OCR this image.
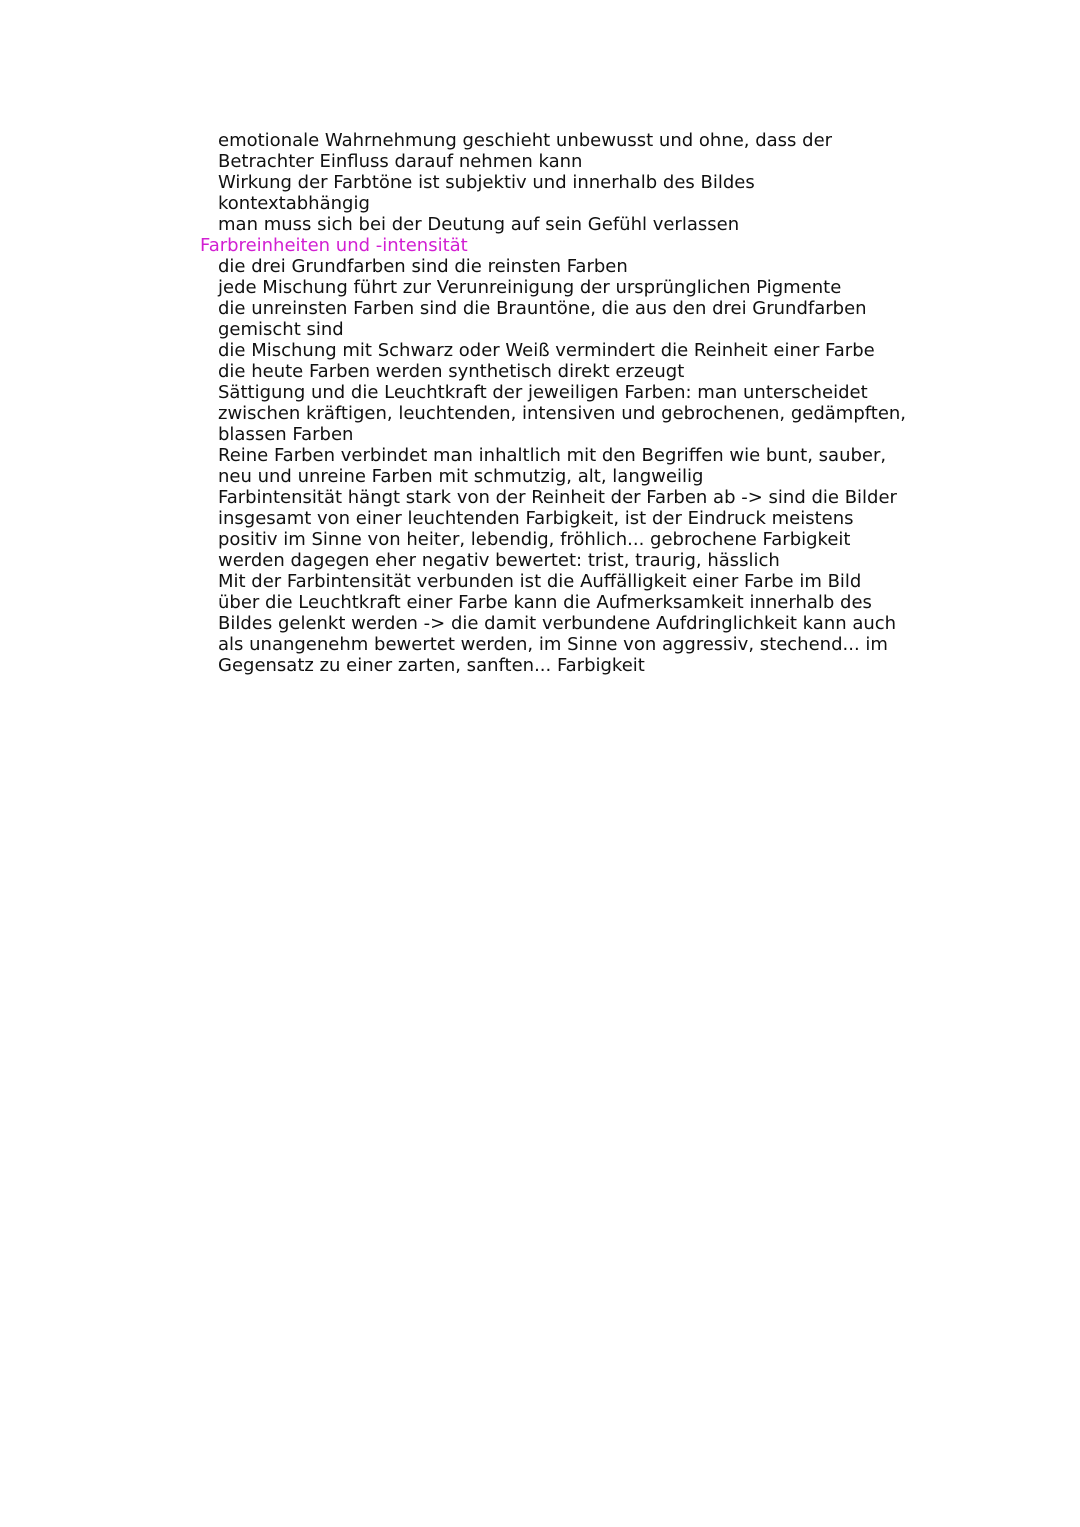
emotionale Wahrnehmung geschieht unbewusst und ohne, dass der
Betrachter Einfluss darauf nehmen kann
Wirkung der Farbtöne ist subjektiv und innerhalb des Bildes
kontextabhängig
man muss sich bei der Deutung auf sein Gefühl verlassen
Farbreinheiten und -intensität
die drei Grundfarben sind die reinsten Farben
jede Mischung führt zur Verunreinigung der ursprünglichen Pigmente
die unreinsten Farben sind die Brauntöne, die aus den drei Grundfarben
gemischt sind
die Mischung mit Schwarz oder Weiß vermindert die Reinheit einer Farbe
die heute Farben werden synthetisch direkt erzeugt
Sättigung und die Leuchtkraft der jeweiligen Farben: man unterscheidet
zwischen kräftigen, leuchtenden, intensiven und gebrochenen, gedämpften,
blassen Farben
Reine Farben verbindet man inhaltlich mit den Begriffen wie bunt, sauber,
neu und unreine Farben mit schmutzig, alt, langweilig
Farbintensität hängt stark von der Reinheit der Farben ab -> sind die Bilder
insgesamt von einer leuchtenden Farbigkeit, ist der Eindruck meistens
positiv im Sinne von heiter, lebendig, fröhlich... gebrochene Farbigkeit
werden dagegen eher negativ bewertet: trist, traurig, hässlich
Mit der Farbintensität verbunden ist die Auffälligkeit einer Farbe im Bild
über die Leuchtkraft einer Farbe kann die Aufmerksamkeit innerhalb des
Bildes gelenkt werden -> die damit verbundene Aufdringlichkeit kann auch
als unangenehm bewertet werden, im Sinne von aggressiv, stechend... im
Gegensatz zu einer zarten, sanften... Farbigkeit
